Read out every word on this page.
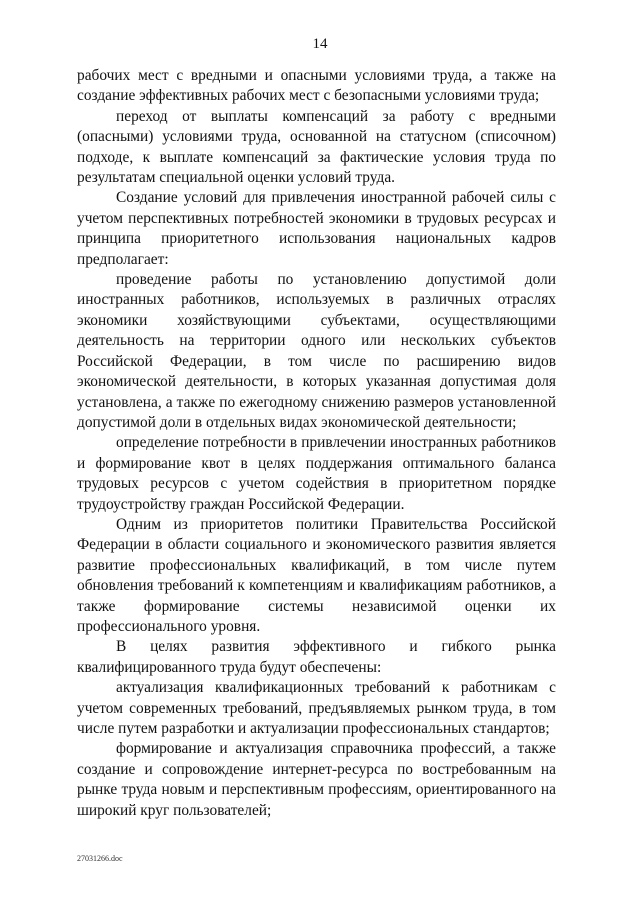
14

рабочих мест с вредными и опасными условиями труда, а также на создание эффективных рабочих мест с безопасными условиями труда;

переход от выплаты компенсаций за работу с вредными (опасными) условиями труда, основанной на статусном (списочном) подходе, к выплате компенсаций за фактические условия труда по результатам специальной оценки условий труда.

Создание условий для привлечения иностранной рабочей силы с учетом перспективных потребностей экономики в трудовых ресурсах и принципа приоритетного использования национальных кадров предполагает:

проведение работы по установлению допустимой доли иностранных работников, используемых в различных отраслях экономики хозяйствующими субъектами, осуществляющими деятельность на территории одного или нескольких субъектов Российской Федерации, в том числе по расширению видов экономической деятельности, в которых указанная допустимая доля установлена, а также по ежегодному снижению размеров установленной допустимой доли в отдельных видах экономической деятельности;

определение потребности в привлечении иностранных работников и формирование квот в целях поддержания оптимального баланса трудовых ресурсов с учетом содействия в приоритетном порядке трудоустройству граждан Российской Федерации.

Одним из приоритетов политики Правительства Российской Федерации в области социального и экономического развития является развитие профессиональных квалификаций, в том числе путем обновления требований к компетенциям и квалификациям работников, а также формирование системы независимой оценки их профессионального уровня.

В целях развития эффективного и гибкого рынка квалифицированного труда будут обеспечены:

актуализация квалификационных требований к работникам с учетом современных требований, предъявляемых рынком труда, в том числе путем разработки и актуализации профессиональных стандартов;

формирование и актуализация справочника профессий, а также создание и сопровождение интернет-ресурса по востребованным на рынке труда новым и перспективным профессиям, ориентированного на широкий круг пользователей;

27031266.doc
